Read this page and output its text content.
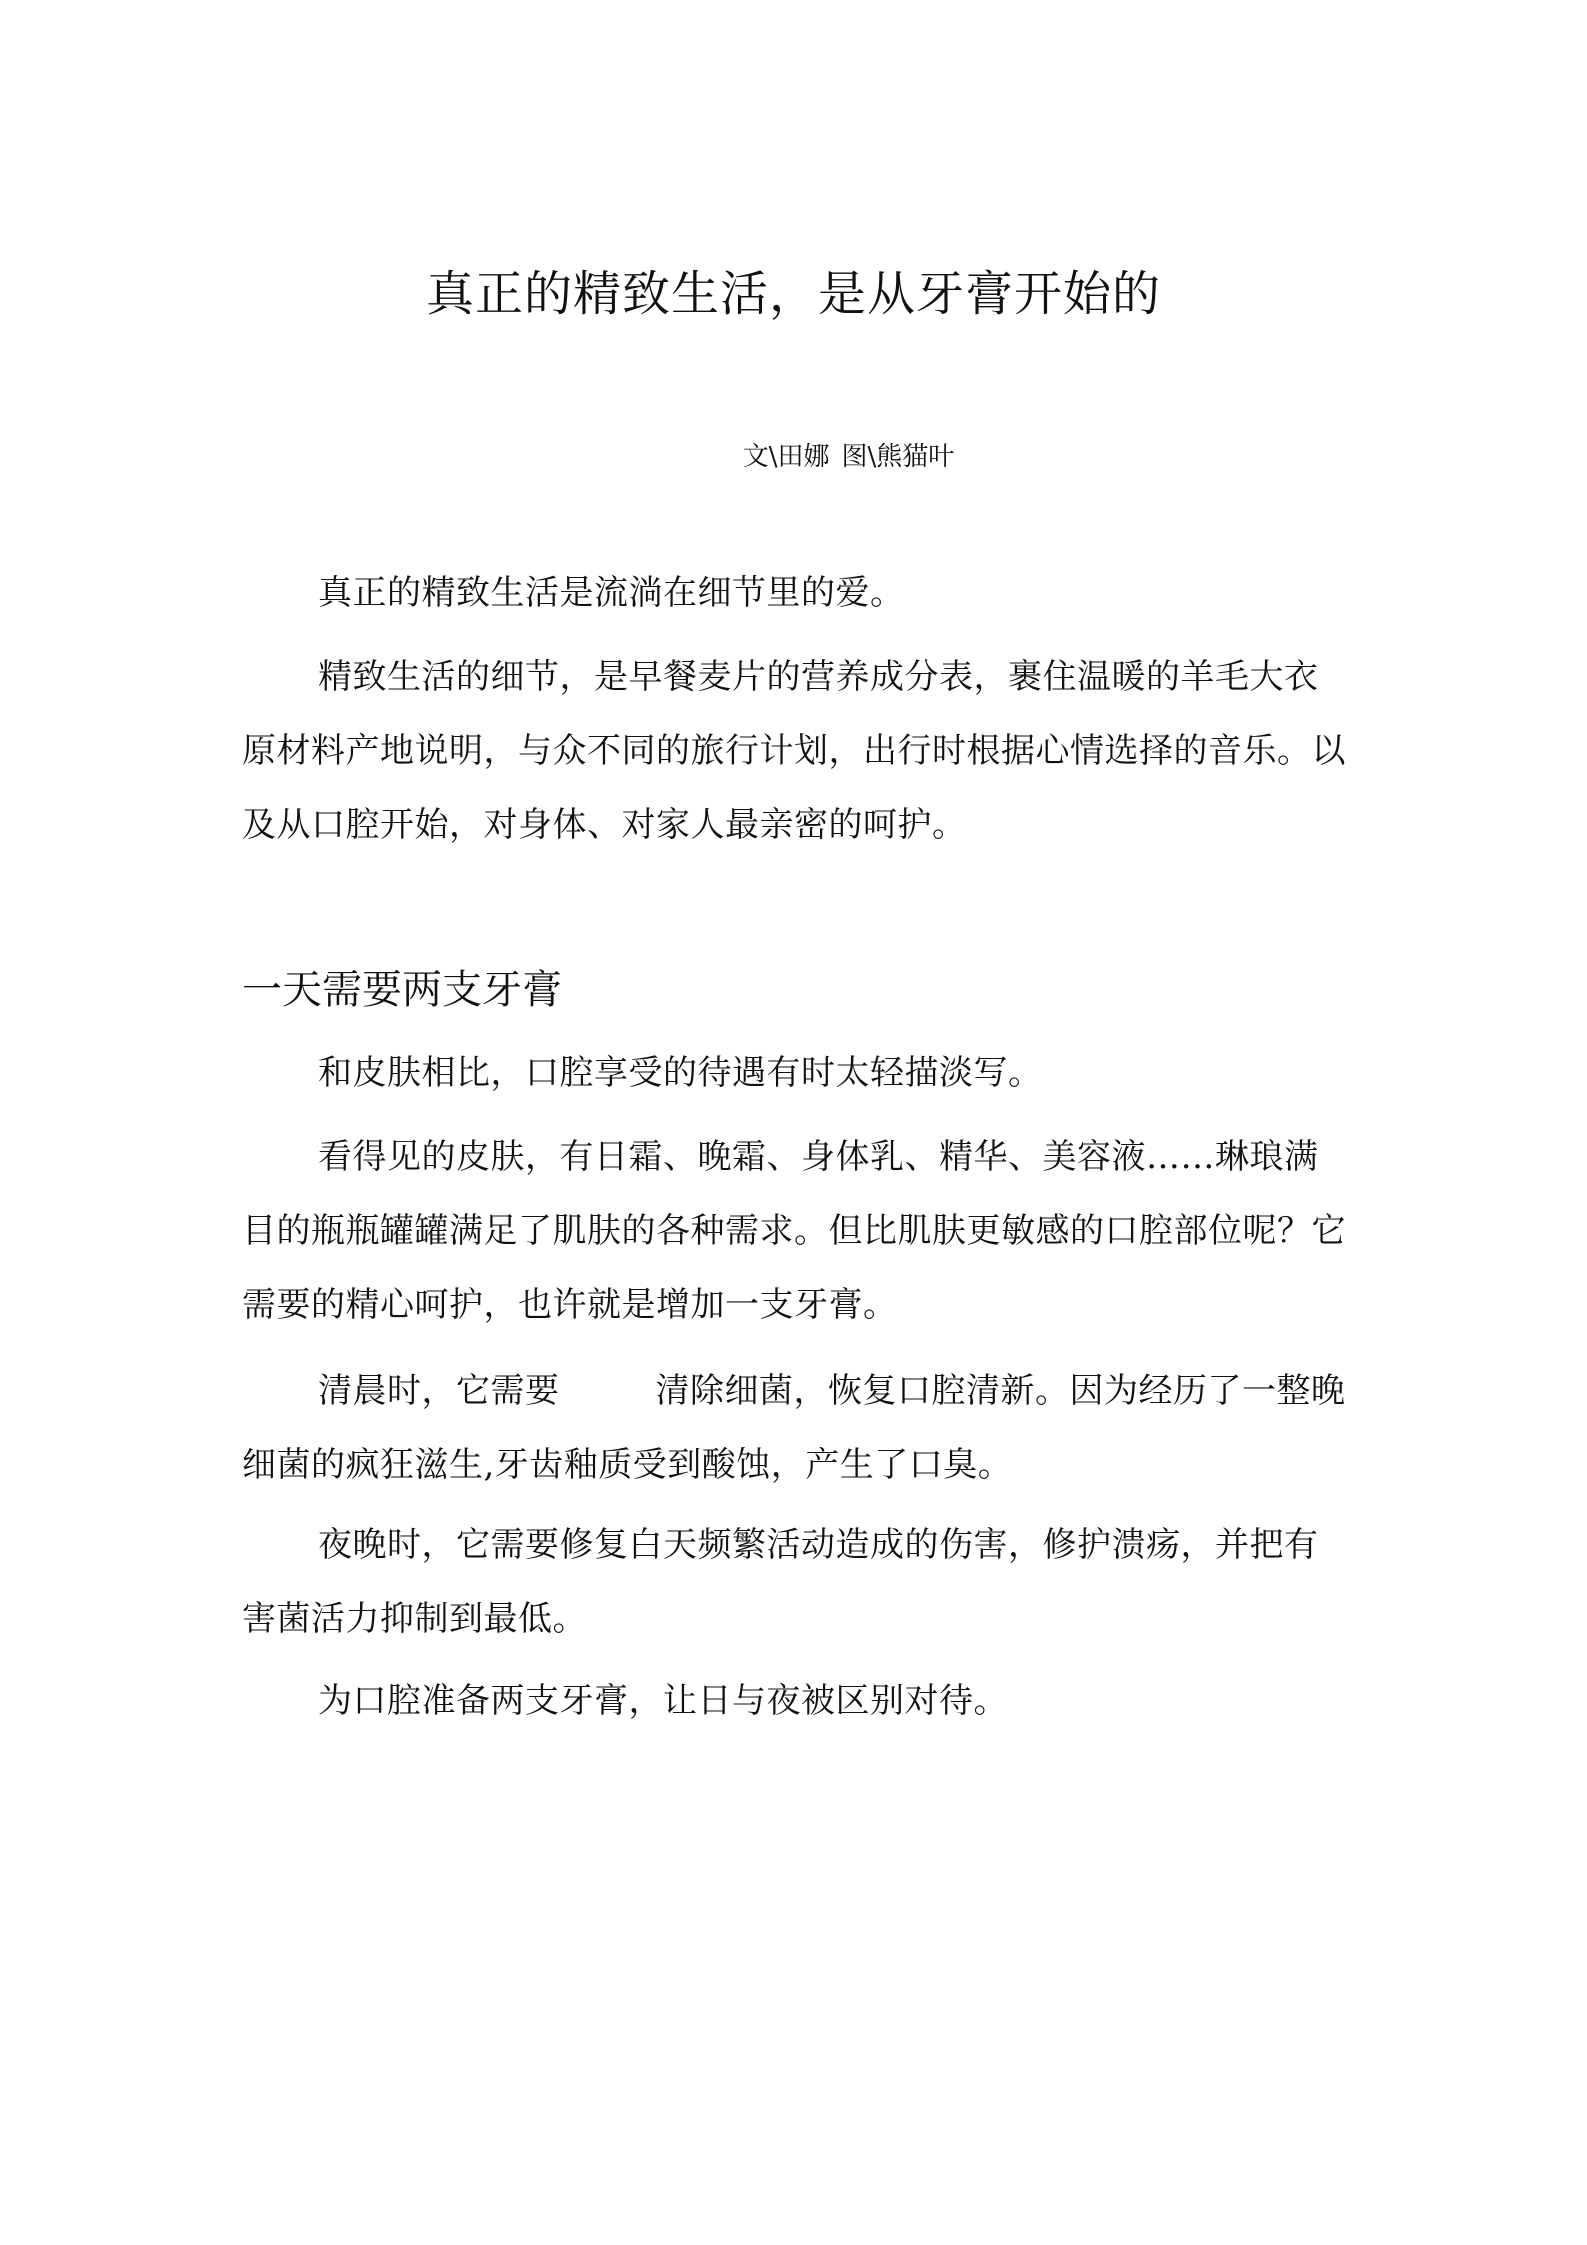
真正的精致生活，是从牙膏开始的
文\田娜 图\熊猫叶

真正的精致生活是流淌在细节里的爱。

精致生活的细节，是早餐麦片的营养成分表，裹住温暖的羊毛大衣原材料产地说明，与众不同的旅行计划，出行时根据心情选择的音乐。以及从口腔开始，对身体、对家人最亲密的呵护。

一天需要两支牙膏

和皮肤相比，口腔享受的待遇有时太轻描淡写。

看得见的皮肤，有日霜、晚霜、身体乳、精华、美容液……琳琅满目的瓶瓶罐罐满足了肌肤的各种需求。但比肌肤更敏感的口腔部位呢？它需要的精心呵护，也许就是增加一支牙膏。

清晨时，它需要	清除细菌，恢复口腔清新。因为经历了一整晚细菌的疯狂滋生,牙齿釉质受到酸蚀，产生了口臭。

夜晚时，它需要修复白天频繁活动造成的伤害，修护溃疡，并把有害菌活力抑制到最低。

为口腔准备两支牙膏，让日与夜被区别对待。
